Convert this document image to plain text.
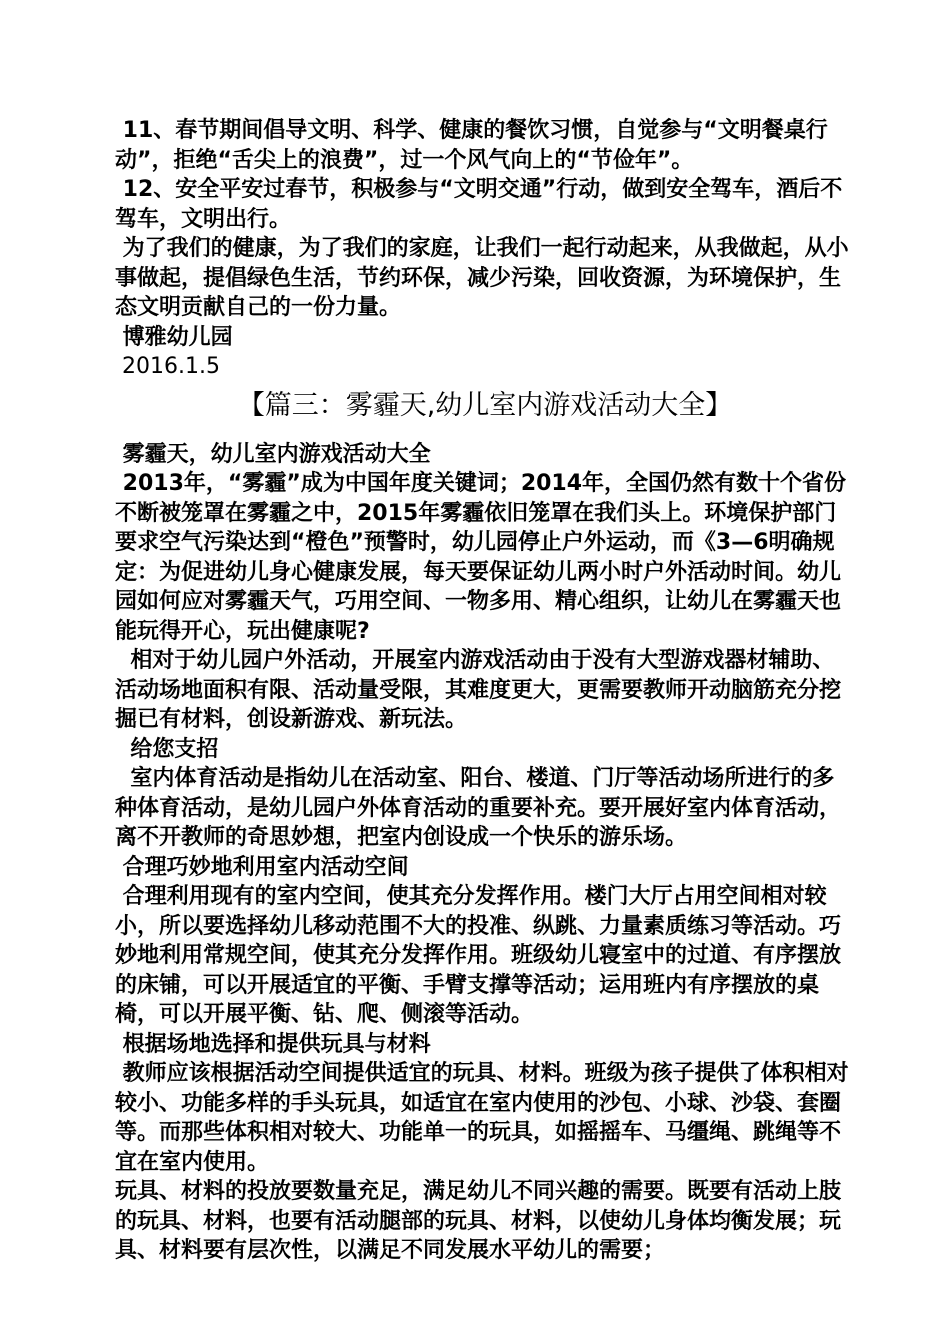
11、春节期间倡导文明、科学、健康的餐饮习惯，自觉参与“文明餐桌行动”，拒绝“舌尖上的浪费”，过一个风气向上的“节俭年”。

12、安全平安过春节，积极参与“文明交通”行动，做到安全驾车，酒后不驾车，文明出行。

为了我们的健康，为了我们的家庭，让我们一起行动起来，从我做起，从小事做起，提倡绿色生活，节约环保，减少污染，回收资源，为环境保护，生态文明贡献自己的一份力量。

博雅幼儿园

2016.1.5

【篇三：雾霾天,幼儿室内游戏活动大全】

雾霾天，幼儿室内游戏活动大全

2013年，“雾霾”成为中国年度关键词；2014年，全国仍然有数十个省份不断被笼罩在雾霾之中，2015年雾霾依旧笼罩在我们头上。环境保护部门要求空气污染达到“橙色”预警时，幼儿园停止户外运动，而《3—6明确规定：为促进幼儿身心健康发展，每天要保证幼儿两小时户外活动时间。幼儿园如何应对雾霾天气，巧用空间、一物多用、精心组织，让幼儿在雾霾天也能玩得开心，玩出健康呢?

相对于幼儿园户外活动，开展室内游戏活动由于没有大型游戏器材辅助、活动场地面积有限、活动量受限，其难度更大，更需要教师开动脑筋充分挖掘已有材料，创设新游戏、新玩法。

给您支招

室内体育活动是指幼儿在活动室、阳台、楼道、门厅等活动场所进行的多种体育活动，是幼儿园户外体育活动的重要补充。要开展好室内体育活动，离不开教师的奇思妙想，把室内创设成一个快乐的游乐场。

合理巧妙地利用室内活动空间

合理利用现有的室内空间，使其充分发挥作用。楼门大厅占用空间相对较小，所以要选择幼儿移动范围不大的投准、纵跳、力量素质练习等活动。巧妙地利用常规空间，使其充分发挥作用。班级幼儿寝室中的过道、有序摆放的床铺，可以开展适宜的平衡、手臂支撑等活动；运用班内有序摆放的桌椅，可以开展平衡、钻、爬、侧滚等活动。

根据场地选择和提供玩具与材料

教师应该根据活动空间提供适宜的玩具、材料。班级为孩子提供了体积相对较小、功能多样的手头玩具，如适宜在室内使用的沙包、小球、沙袋、套圈等。而那些体积相对较大、功能单一的玩具，如摇摇车、马缰绳、跳绳等不宜在室内使用。

玩具、材料的投放要数量充足，满足幼儿不同兴趣的需要。既要有活动上肢的玩具、材料，也要有活动腿部的玩具、材料，以使幼儿身体均衡发展；玩具、材料要有层次性，以满足不同发展水平幼儿的需要；
